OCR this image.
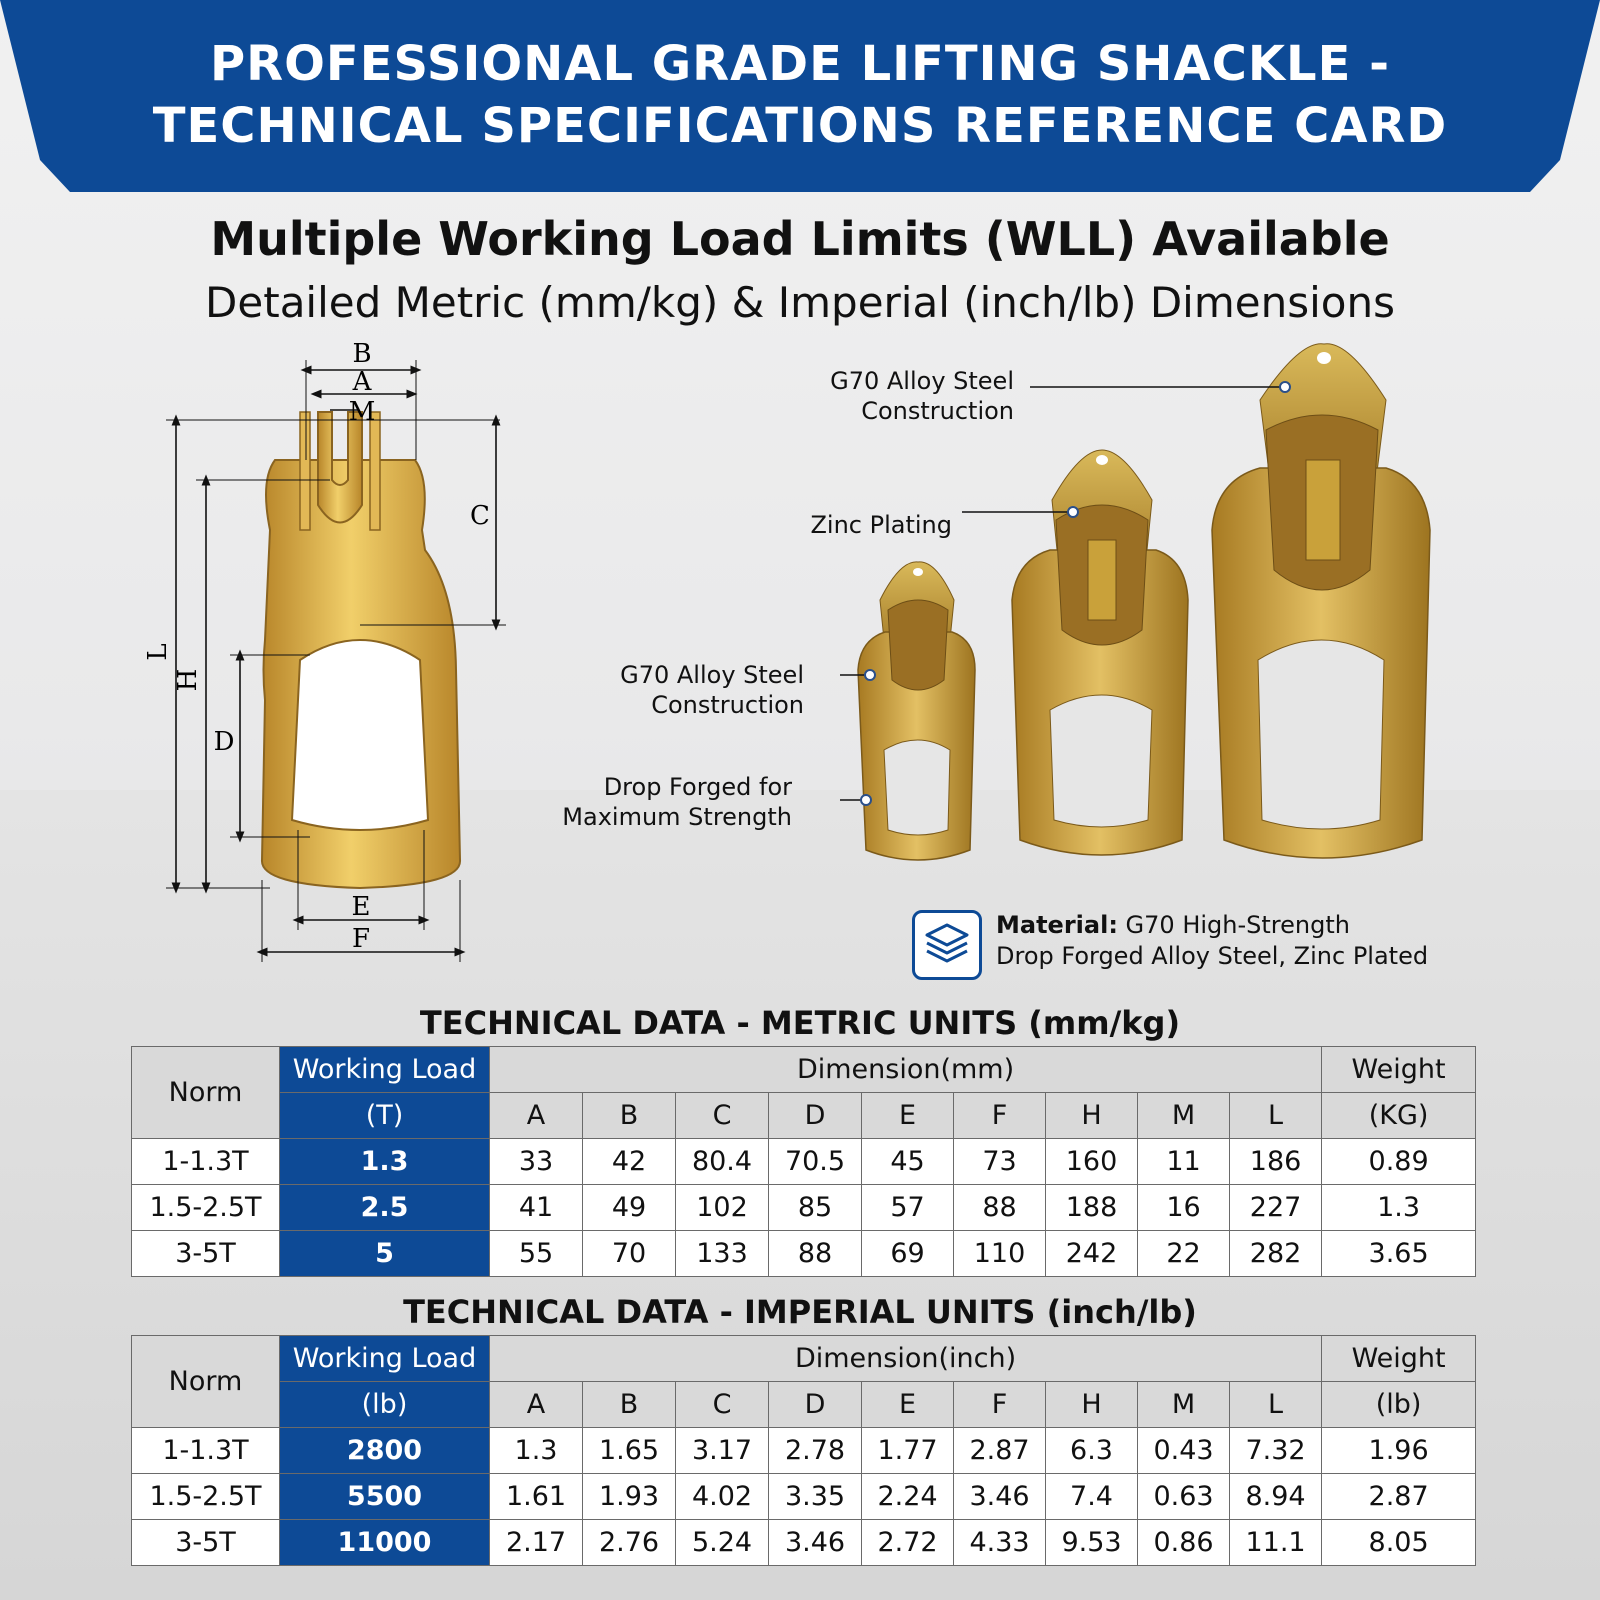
PROFESSIONAL GRADE LIFTING SHACKLE -
TECHNICAL SPECIFICATIONS REFERENCE CARD
Multiple Working Load Limits (WLL) Available
Detailed Metric (mm/kg) & Imperial (inch/lb) Dimensions
B
A
M
C
L
H
D
E
F
G70 Alloy Steel
Construction
Zinc Plating
G70 Alloy Steel
Construction
Drop Forged for
Maximum Strength
Material: G70 High-Strength
Drop Forged Alloy Steel, Zinc Plated
TECHNICAL DATA - METRIC UNITS (mm/kg)
Norm	Working Load	Dimension(mm)									Weight
	(T)	A	B	C	D	E	F	H	M	L	(KG)
1-1.3T	1.3	33	42	80.4	70.5	45	73	160	11	186	0.89
1.5-2.5T	2.5	41	49	102	85	57	88	188	16	227	1.3
3-5T	5	55	70	133	88	69	110	242	22	282	3.65
TECHNICAL DATA - IMPERIAL UNITS (inch/lb)
Norm	Working Load	Dimension(inch)									Weight
	(lb)	A	B	C	D	E	F	H	M	L	(lb)
1-1.3T	2800	1.3	1.65	3.17	2.78	1.77	2.87	6.3	0.43	7.32	1.96
1.5-2.5T	5500	1.61	1.93	4.02	3.35	2.24	3.46	7.4	0.63	8.94	2.87
3-5T	11000	2.17	2.76	5.24	3.46	2.72	4.33	9.53	0.86	11.1	8.05
